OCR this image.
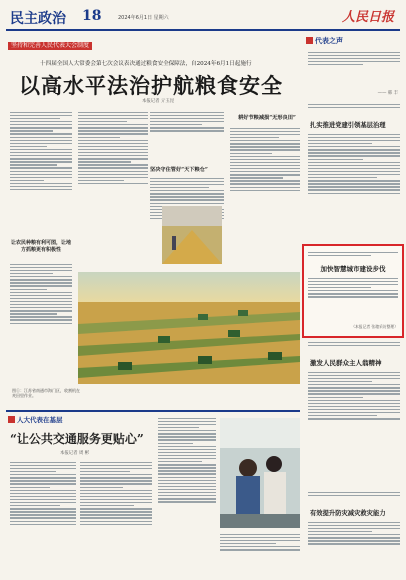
民主政治 18	2024年6月1日 星期六	人民日报
坚持和完善人民代表大会制度
十四届全国人大常委会第七次会议表决通过粮食安全保障法，自2024年6月1日起施行
以高水平法治护航粮食安全
本报记者 亓玉昆
让农民种粮有利可图，让地方抓粮更有积极性
坚决守住管好“天下粮仓”
耕好节粮减损“无形良田”
图①：江苏省南通市海门区，收割机在麦田里作业。
代表之声
—— 韩 丰
扎实推进党建引领基层治理
加快智慧城市建设步伐
（本报记者 张璁采访整理）
激发人民群众主人翁精神
有效提升防灾减灾救灾能力
人大代表在基层
“让公共交通服务更贴心”
本报记者 周 彬
